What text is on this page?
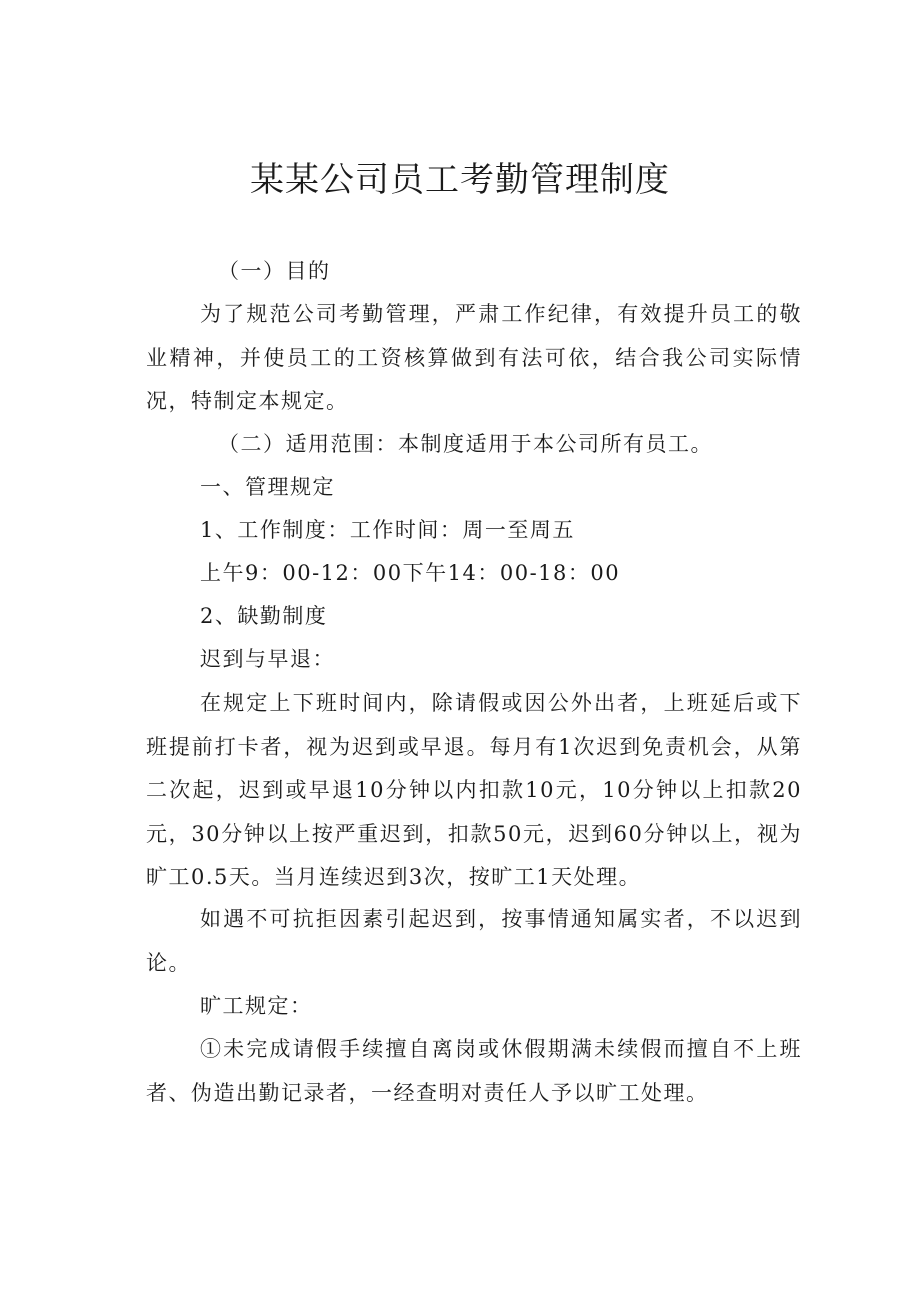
某某公司员工考勤管理制度

（一）目的

为了规范公司考勤管理，严肃工作纪律，有效提升员工的敬业精神，并使员工的工资核算做到有法可依，结合我公司实际情况，特制定本规定。

（二）适用范围：本制度适用于本公司所有员工。

一、管理规定

1、工作制度：工作时间：周一至周五

上午9：00-12：00下午14：00-18：00

2、缺勤制度

迟到与早退：

在规定上下班时间内，除请假或因公外出者，上班延后或下班提前打卡者，视为迟到或早退。每月有1次迟到免责机会，从第二次起，迟到或早退10分钟以内扣款10元，10分钟以上扣款20元，30分钟以上按严重迟到，扣款50元，迟到60分钟以上，视为旷工0.5天。当月连续迟到3次，按旷工1天处理。

如遇不可抗拒因素引起迟到，按事情通知属实者，不以迟到论。

旷工规定：

①未完成请假手续擅自离岗或休假期满未续假而擅自不上班者、伪造出勤记录者，一经查明对责任人予以旷工处理。
